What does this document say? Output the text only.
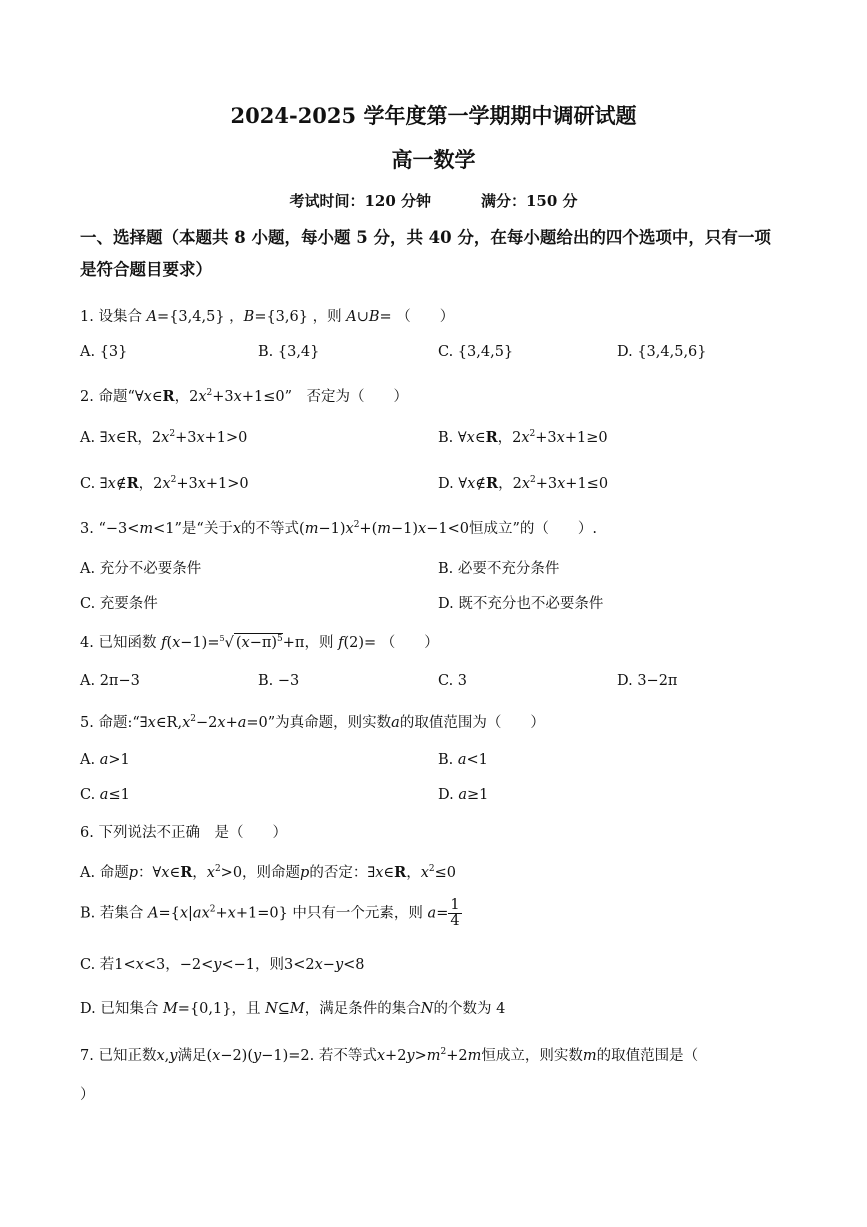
2024-2025 学年度第一学期期中调研试题
高一数学
考试时间：120 分钟	满分：150 分
一、选择题（本题共 8 小题，每小题 5 分，共 40 分，在每小题给出的四个选项中，只有一项
是符合题目要求）
1. 设集合 A={3,4,5} ，B={3,6} ，则 A∪B= （　　）
A. {3}	B. {3,4}	C. {3,4,5}	D. {3,4,5,6}
2. 命题“∀x∈R，$2x^2+3x+1\le 0$”　否定为（　　）
A. ∃x∈R，$2x^2+3x+1>0$	B. ∀x∈R，$2x^2+3x+1\ge 0$
C. ∃x∉R，$2x^2+3x+1>0$	D. ∀x∉R，$2x^2+3x+1\le 0$
3. “−3<m<1”是“关于x的不等式$(m-1)x^2+(m-1)x-1<0$恒成立”的（　　）.
A. 充分不必要条件	B. 必要不充分条件
C. 充要条件	D. 既不充分也不必要条件
4. 已知函数 f(x−1)=$^5$√ $(x-\pi)^5+\pi$，则 f(2)= （　　）
A. 2π−3	B. −3	C. 3	D. 3−2π
5. 命题$:“\exists x\in R,x^2-2x+a=0$”为真命题，则实数a的取值范围为（　　）
A. a>1	B. a<1
C. a≤1	D. a≥1
6. 下列说法不正确　是（　　）
A. 命题p：∀x∈R，$x^2>0$，则命题p的否定：∃x∈R，$x^2\le 0$
B. 若集合 $A=\{x|ax^2+x+1=0\}$ 中只有一个元素，则 $a= \frac{1}{4}$
C. 若1<x<3，−2<y<−1，则3<2x−y<8
D. 已知集合 M={0,1}，且 N⊆M，满足条件的集合N的个数为 4
7. 已知正数x,y满足(x−2)(y−1)=2. 若不等式$x+2y>m^2+2m$恒成立，则实数m的取值范围是（
）
